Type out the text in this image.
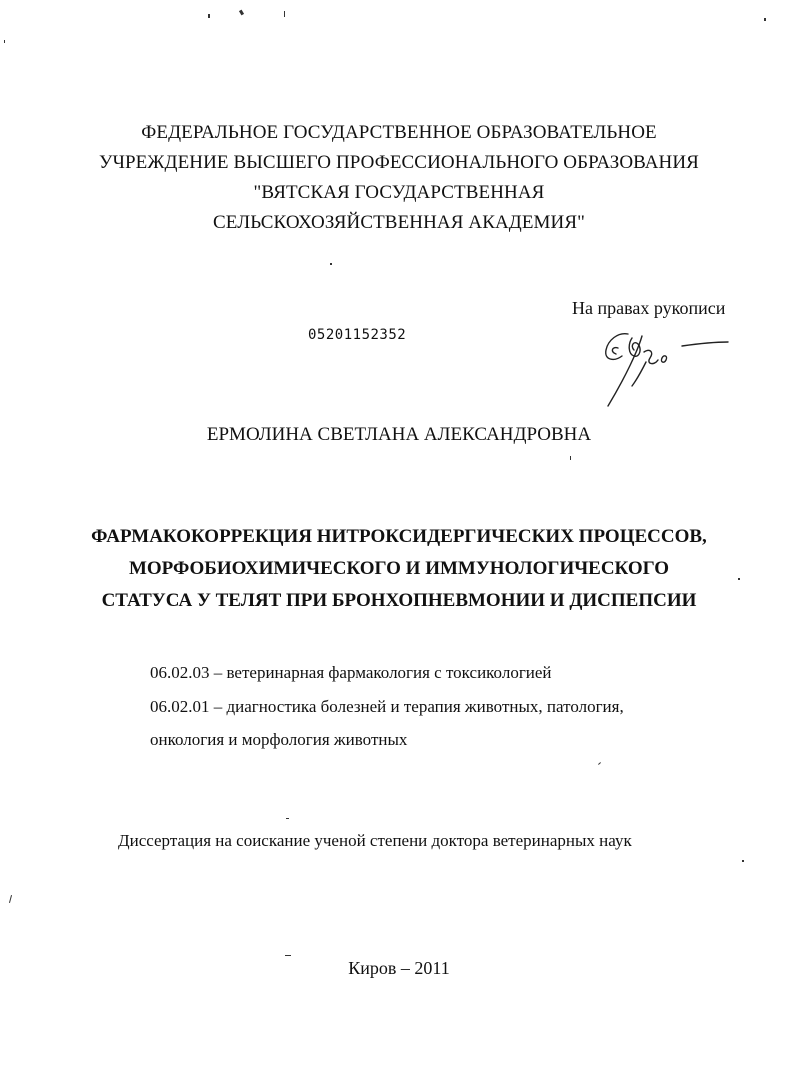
ФЕДЕРАЛЬНОЕ ГОСУДАРСТВЕННОЕ ОБРАЗОВАТЕЛЬНОЕ
УЧРЕЖДЕНИЕ ВЫСШЕГО ПРОФЕССИОНАЛЬНОГО ОБРАЗОВАНИЯ
"ВЯТСКАЯ ГОСУДАРСТВЕННАЯ
СЕЛЬСКОХОЗЯЙСТВЕННАЯ АКАДЕМИЯ"
На правах рукописи
05201152352
ЕРМОЛИНА СВЕТЛАНА АЛЕКСАНДРОВНА
ФАРМАКОКОРРЕКЦИЯ НИТРОКСИДЕРГИЧЕСКИХ ПРОЦЕССОВ,
МОРФОБИОХИМИЧЕСКОГО И ИММУНОЛОГИЧЕСКОГО
СТАТУСА У ТЕЛЯТ ПРИ БРОНХОПНЕВМОНИИ И ДИСПЕПСИИ
06.02.03 – ветеринарная фармакология с токсикологией
06.02.01 – диагностика болезней и терапия животных, патология,
онкология и морфология животных
Диссертация на соискание ученой степени доктора ветеринарных наук
Киров – 2011
